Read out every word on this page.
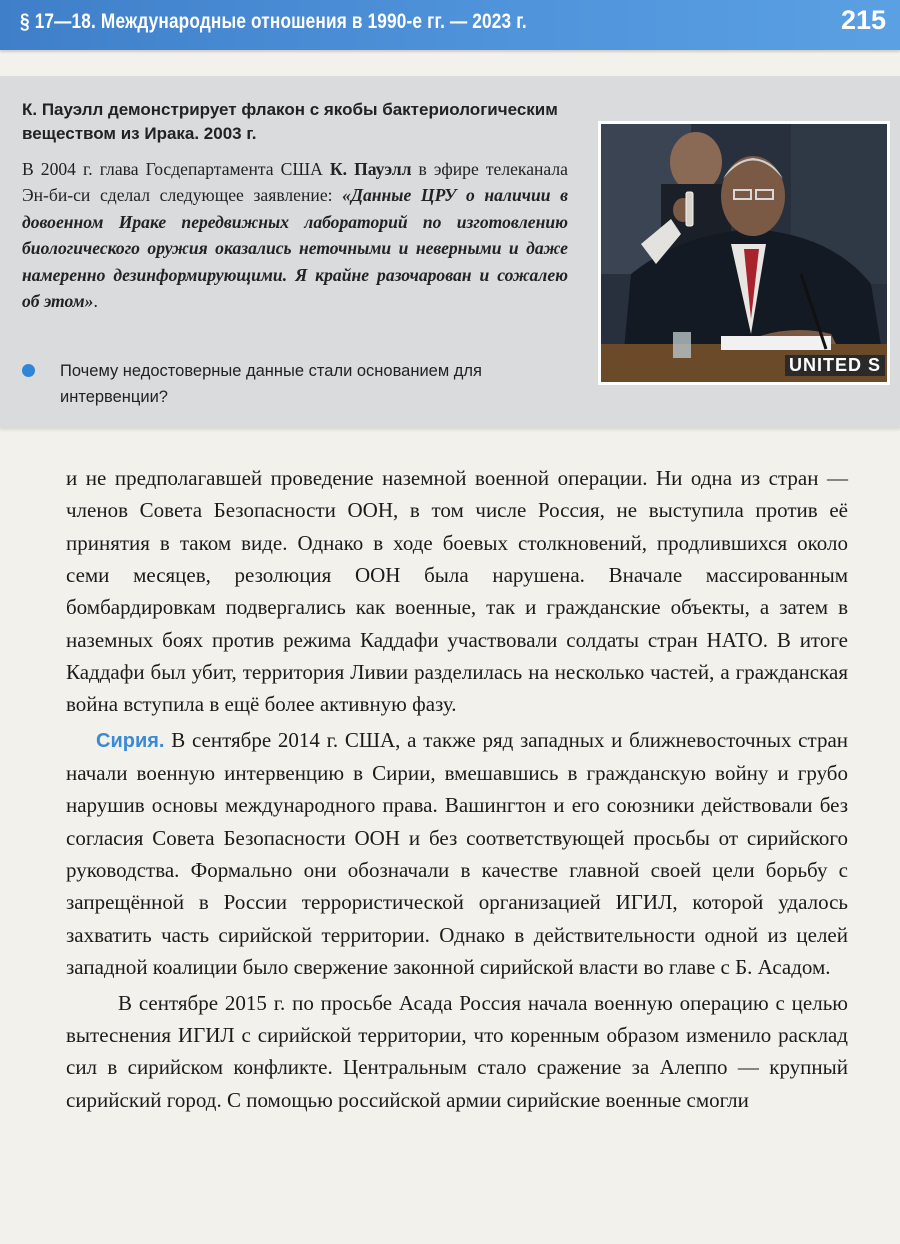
§ 17—18. Международные отношения в 1990-е гг. — 2023 г.	215
К. Пауэлл демонстрирует флакон с якобы бактериологическим веществом из Ирака. 2003 г.
В 2004 г. глава Госдепартамента США К. Пауэлл в эфире телеканала Эн-би-си сделал следующее заявление: «Данные ЦРУ о наличии в довоенном Ираке передвижных лабораторий по изготовлению биологического оружия оказались неточными и неверными и даже намеренно дезинформирующими. Я крайне разочарован и сожалею об этом».
Почему недостоверные данные стали основанием для интервенции?
UNITED S

и не предполагавшей проведение наземной военной операции. Ни одна из стран — членов Совета Безопасности ООН, в том числе Россия, не выступила против её принятия в таком виде. Однако в ходе боевых столкновений, продлившихся около семи месяцев, резолюция ООН была нарушена. Вначале массированным бомбардировкам подвергались как военные, так и гражданские объекты, а затем в наземных боях против режима Каддафи участвовали солдаты стран НАТО. В итоге Каддафи был убит, территория Ливии разделилась на несколько частей, а гражданская война вступила в ещё более активную фазу.

Сирия. В сентябре 2014 г. США, а также ряд западных и ближневосточных стран начали военную интервенцию в Сирии, вмешавшись в гражданскую войну и грубо нарушив основы международного права. Вашингтон и его союзники действовали без согласия Совета Безопасности ООН и без соответствующей просьбы от сирийского руководства. Формально они обозначали в качестве главной своей цели борьбу с запрещённой в России террористической организацией ИГИЛ, которой удалось захватить часть сирийской территории. Однако в действительности одной из целей западной коалиции было свержение законной сирийской власти во главе с Б. Асадом.

В сентябре 2015 г. по просьбе Асада Россия начала военную операцию с целью вытеснения ИГИЛ с сирийской территории, что коренным образом изменило расклад сил в сирийском конфликте. Центральным стало сражение за Алеппо — крупный сирийский город. С помощью российской армии сирийские военные смогли
